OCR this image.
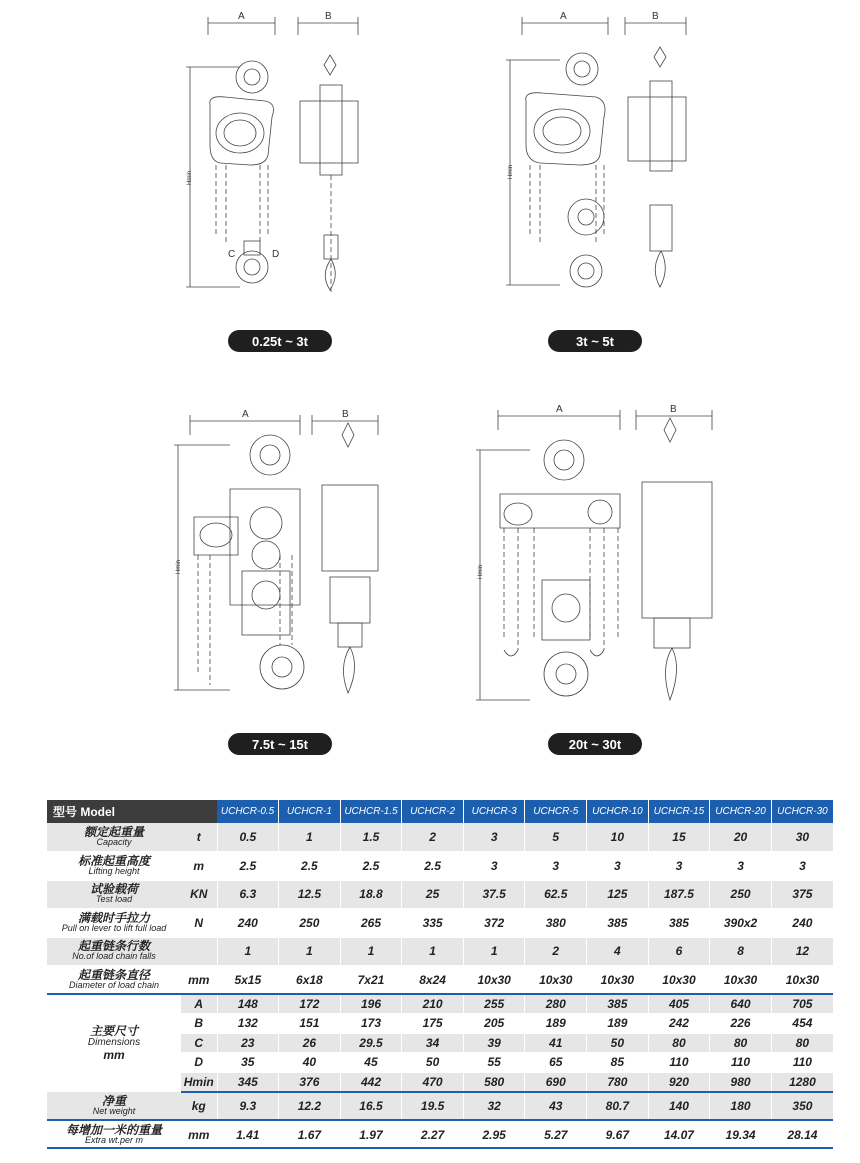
A	B
C	D
Hmin
0.25t ~ 3t
A	B
Hmin
3t ~ 5t
A	B
Hmin
7.5t ~ 15t
A	B
Hmin
20t ~ 30t
型号 Model		UCHCR-0.5	UCHCR-1	UCHCR-1.5	UCHCR-2	UCHCR-3	UCHCR-5	UCHCR-10	UCHCR-15	UCHCR-20	UCHCR-30

额定起重量
Capacity	t	0.5	1	1.5	2	3	5	10	15	20	30

标准起重高度
Lifting height	m	2.5	2.5	2.5	2.5	3	3	3	3	3	3

试验载荷
Test load	KN	6.3	12.5	18.8	25	37.5	62.5	125	187.5	250	375

满载时手拉力
Pull on lever to lift full load	N	240	250	265	335	372	380	385	385	390x2	240

起重链条行数
No.of load chain falls		1	1	1	1	1	2	4	6	8	12

起重链条直径
Diameter of load chain	mm	5x15	6x18	7x21	8x24	10x30	10x30	10x30	10x30	10x30	10x30

主要尺寸
Dimensions
mm	A	148	172	196	210	255	280	385	405	640	705
	B	132	151	173	175	205	189	189	242	226	454
	C	23	26	29.5	34	39	41	50	80	80	80
	D	35	40	45	50	55	65	85	110	110	110
	Hmin	345	376	442	470	580	690	780	920	980	1280

净重
Net weight	kg	9.3	12.2	16.5	19.5	32	43	80.7	140	180	350

每增加一米的重量
Extra wt.per m	mm	1.41	1.67	1.97	2.27	2.95	5.27	9.67	14.07	19.34	28.14
